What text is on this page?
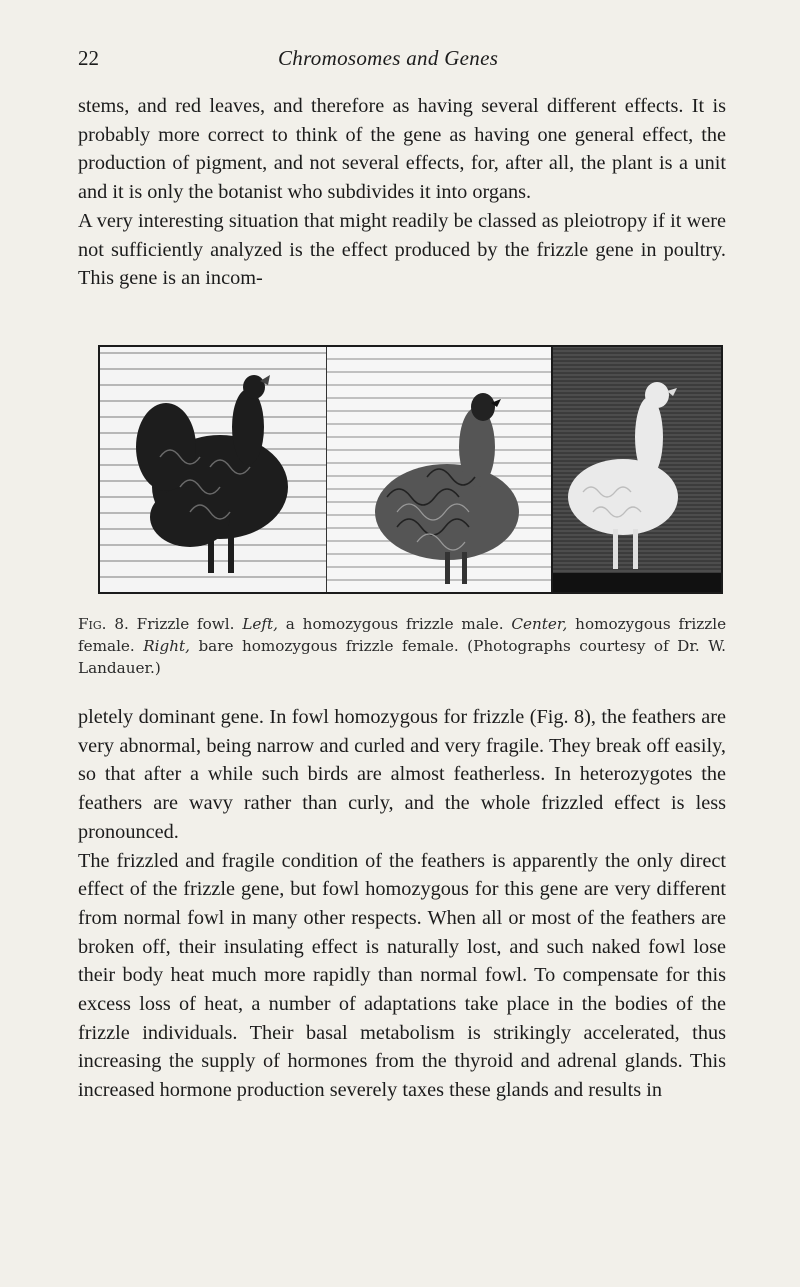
22	Chromosomes and Genes

stems, and red leaves, and therefore as having several different effects. It is probably more correct to think of the gene as having one general effect, the production of pigment, and not several effects, for, after all, the plant is a unit and it is only the botanist who subdivides it into organs.

A very interesting situation that might readily be classed as pleiotropy if it were not sufficiently analyzed is the effect produced by the frizzle gene in poultry. This gene is an incom-

Fig. 8. Frizzle fowl. Left, a homozygous frizzle male. Center, homozygous frizzle female. Right, bare homozygous frizzle female. (Photographs courtesy of Dr. W. Landauer.)

pletely dominant gene. In fowl homozygous for frizzle (Fig. 8), the feathers are very abnormal, being narrow and curled and very fragile. They break off easily, so that after a while such birds are almost featherless. In heterozygotes the feathers are wavy rather than curly, and the whole frizzled effect is less pronounced.

The frizzled and fragile condition of the feathers is apparently the only direct effect of the frizzle gene, but fowl homozygous for this gene are very different from normal fowl in many other respects. When all or most of the feathers are broken off, their insulating effect is naturally lost, and such naked fowl lose their body heat much more rapidly than normal fowl. To compensate for this excess loss of heat, a number of adaptations take place in the bodies of the frizzle individuals. Their basal metabolism is strikingly accelerated, thus increasing the supply of hormones from the thyroid and adrenal glands. This increased hormone production severely taxes these glands and results in
